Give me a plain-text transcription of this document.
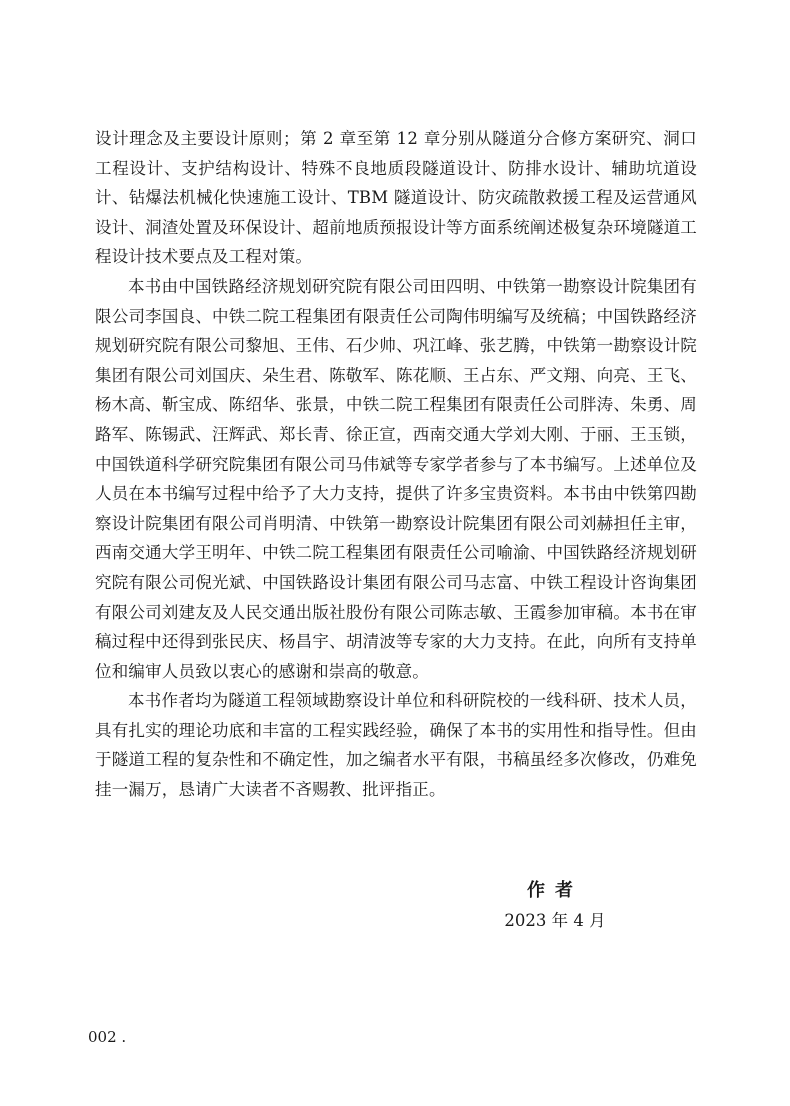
设计理念及主要设计原则；第 2 章至第 12 章分别从隧道分合修方案研究、洞口工程设计、支护结构设计、特殊不良地质段隧道设计、防排水设计、辅助坑道设计、钻爆法机械化快速施工设计、TBM 隧道设计、防灾疏散救援工程及运营通风设计、洞渣处置及环保设计、超前地质预报设计等方面系统阐述极复杂环境隧道工程设计技术要点及工程对策。

本书由中国铁路经济规划研究院有限公司田四明、中铁第一勘察设计院集团有限公司李国良、中铁二院工程集团有限责任公司陶伟明编写及统稿；中国铁路经济规划研究院有限公司黎旭、王伟、石少帅、巩江峰、张艺腾，中铁第一勘察设计院集团有限公司刘国庆、朵生君、陈敬军、陈花顺、王占东、严文翔、向亮、王飞、杨木高、靳宝成、陈绍华、张景，中铁二院工程集团有限责任公司胖涛、朱勇、周路军、陈锡武、汪辉武、郑长青、徐正宣，西南交通大学刘大刚、于丽、王玉锁，中国铁道科学研究院集团有限公司马伟斌等专家学者参与了本书编写。上述单位及人员在本书编写过程中给予了大力支持，提供了许多宝贵资料。本书由中铁第四勘察设计院集团有限公司肖明清、中铁第一勘察设计院集团有限公司刘赫担任主审，西南交通大学王明年、中铁二院工程集团有限责任公司喻渝、中国铁路经济规划研究院有限公司倪光斌、中国铁路设计集团有限公司马志富、中铁工程设计咨询集团有限公司刘建友及人民交通出版社股份有限公司陈志敏、王霞参加审稿。本书在审稿过程中还得到张民庆、杨昌宇、胡清波等专家的大力支持。在此，向所有支持单位和编审人员致以衷心的感谢和崇高的敬意。

本书作者均为隧道工程领域勘察设计单位和科研院校的一线科研、技术人员，具有扎实的理论功底和丰富的工程实践经验，确保了本书的实用性和指导性。但由于隧道工程的复杂性和不确定性，加之编者水平有限，书稿虽经多次修改，仍难免挂一漏万，恳请广大读者不吝赐教、批评指正。

作者
2023 年 4 月
002 .
